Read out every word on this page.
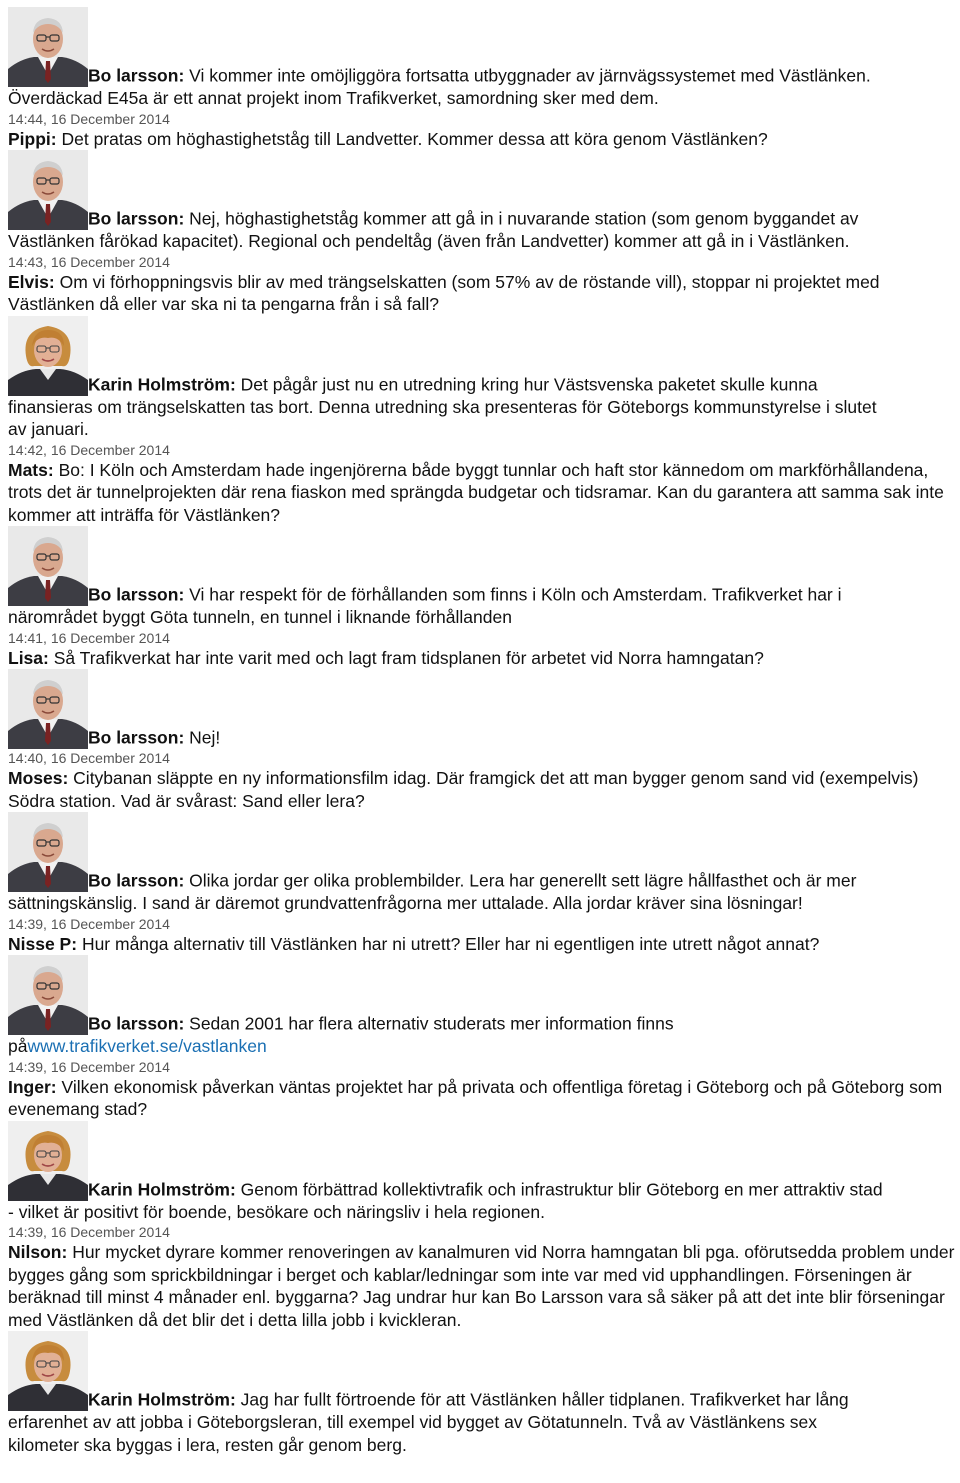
Bo larsson: Vi kommer inte omöjliggöra fortsatta utbyggnader av järnvägssystemet med Västlänken.
Överdäckad E45a är ett annat projekt inom Trafikverket, samordning sker med dem.
14:44, 16 December 2014
Pippi: Det pratas om höghastighetståg till Landvetter. Kommer dessa att köra genom Västlänken?
Bo larsson: Nej, höghastighetståg kommer att gå in i nuvarande station (som genom byggandet av
Västlänken fårökad kapacitet). Regional och pendeltåg (även från Landvetter) kommer att gå in i Västlänken.
14:43, 16 December 2014
Elvis: Om vi förhoppningsvis blir av med trängselskatten (som 57% av de röstande vill), stoppar ni projektet med Västlänken då eller var ska ni ta pengarna från i så fall?
Karin Holmström: Det pågår just nu en utredning kring hur Västsvenska paketet skulle kunna
finansieras om trängselskatten tas bort. Denna utredning ska presenteras för Göteborgs kommunstyrelse i slutet
av januari.
14:42, 16 December 2014
Mats: Bo: I Köln och Amsterdam hade ingenjörerna både byggt tunnlar och haft stor kännedom om markförhållandena, trots det är tunnelprojekten där rena fiaskon med sprängda budgetar och tidsramar. Kan du garantera att samma sak inte kommer att inträffa för Västlänken?
Bo larsson: Vi har respekt för de förhållanden som finns i Köln och Amsterdam. Trafikverket har i
närområdet byggt Göta tunneln, en tunnel i liknande förhållanden
14:41, 16 December 2014
Lisa: Så Trafikverkat har inte varit med och lagt fram tidsplanen för arbetet vid Norra hamngatan?
Bo larsson: Nej!
14:40, 16 December 2014
Moses: Citybanan släppte en ny informationsfilm idag. Där framgick det att man bygger genom sand vid (exempelvis) Södra station. Vad är svårast: Sand eller lera?
Bo larsson: Olika jordar ger olika problembilder. Lera har generellt sett lägre hållfasthet och är mer
sättningskänslig. I sand är däremot grundvattenfrågorna mer uttalade. Alla jordar kräver sina lösningar!
14:39, 16 December 2014
Nisse P: Hur många alternativ till Västlänken har ni utrett? Eller har ni egentligen inte utrett något annat?
Bo larsson: Sedan 2001 har flera alternativ studerats mer information finns
påwww.trafikverket.se/vastlanken
14:39, 16 December 2014
Inger: Vilken ekonomisk påverkan väntas projektet har på privata och offentliga företag i Göteborg och på Göteborg som evenemang stad?
Karin Holmström: Genom förbättrad kollektivtrafik och infrastruktur blir Göteborg en mer attraktiv stad
- vilket är positivt för boende, besökare och näringsliv i hela regionen.
14:39, 16 December 2014
Nilson: Hur mycket dyrare kommer renoveringen av kanalmuren vid Norra hamngatan bli pga. oförutsedda problem under bygges gång som sprickbildningar i berget och kablar/ledningar som inte var med vid upphandlingen. Förseningen är beräknad till minst 4 månader enl. byggarna? Jag undrar hur kan Bo Larsson vara så säker på att det inte blir förseningar med Västlänken då det blir det i detta lilla jobb i kvickleran.
Karin Holmström: Jag har fullt förtroende för att Västlänken håller tidplanen. Trafikverket har lång
erfarenhet av att jobba i Göteborgsleran, till exempel vid bygget av Götatunneln. Två av Västlänkens sex
kilometer ska byggas i lera, resten går genom berg.
